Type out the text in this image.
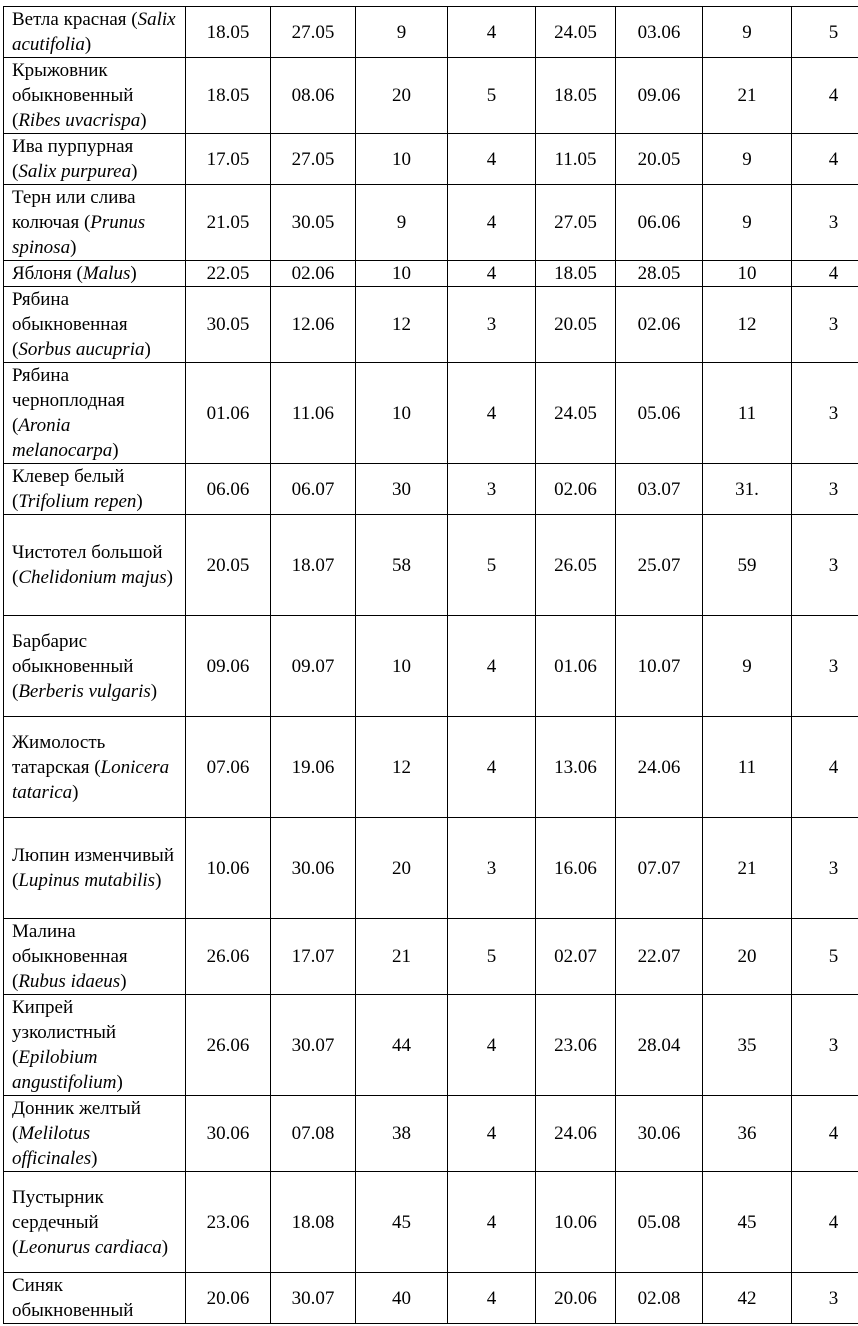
Ветла красная (Salix acutifolia)	18.05	27.05	9	4	24.05	03.06	9	5
Крыжовник обыкновенный (Ribes uvacrispa)	18.05	08.06	20	5	18.05	09.06	21	4
Ива пурпурная (Salix purpurea)	17.05	27.05	10	4	11.05	20.05	9	4
Терн или слива колючая (Prunus spinosa)	21.05	30.05	9	4	27.05	06.06	9	3
Яблоня (Malus)	22.05	02.06	10	4	18.05	28.05	10	4
Рябина обыкновенная (Sorbus aucupria)	30.05	12.06	12	3	20.05	02.06	12	3
Рябина черноплодная (Aronia melanocarpa)	01.06	11.06	10	4	24.05	05.06	11	3
Клевер белый (Trifolium repen)	06.06	06.07	30	3	02.06	03.07	31.	3
Чистотел большой (Chelidonium majus)	20.05	18.07	58	5	26.05	25.07	59	3
Барбарис обыкновенный (Berberis vulgaris)	09.06	09.07	10	4	01.06	10.07	9	3
Жимолость татарская (Lonicera tatarica)	07.06	19.06	12	4	13.06	24.06	11	4
Люпин изменчивый (Lupinus mutabilis)	10.06	30.06	20	3	16.06	07.07	21	3
Малина обыкновенная (Rubus idaeus)	26.06	17.07	21	5	02.07	22.07	20	5
Кипрей узколистный (Epilobium angustifolium)	26.06	30.07	44	4	23.06	28.04	35	3
Донник желтый (Melilotus officinales)	30.06	07.08	38	4	24.06	30.06	36	4
Пустырник сердечный (Leonurus cardiaca)	23.06	18.08	45	4	10.06	05.08	45	4
Синяк обыкновенный	20.06	30.07	40	4	20.06	02.08	42	3
